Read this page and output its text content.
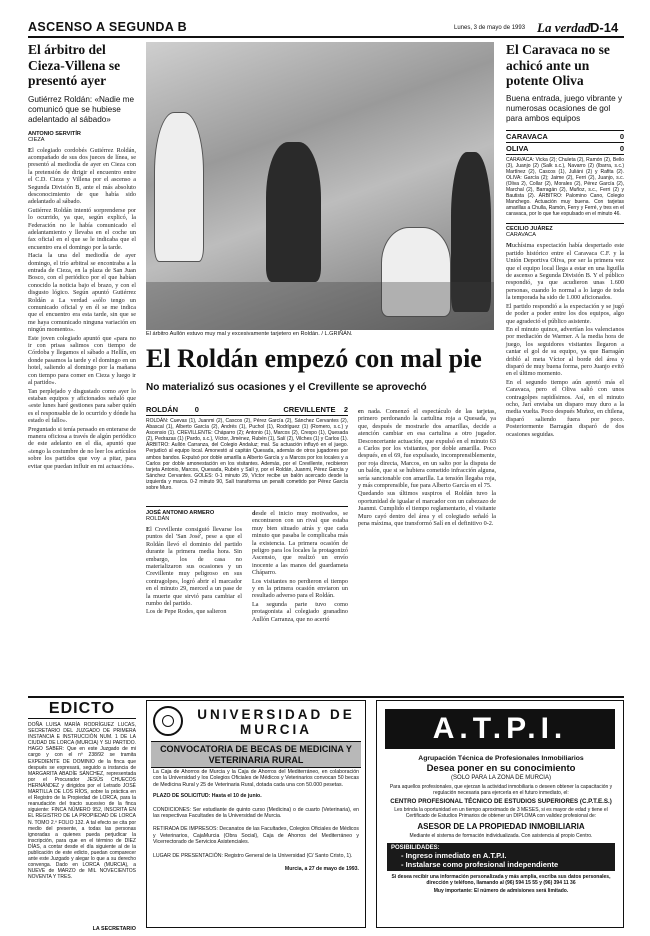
ASCENSO A SEGUNDA B	Lunes, 3 de mayo de 1993 La verdad D-14
El árbitro del Cieza-Villena se presentó ayer
Gutiérrez Roldán: «Nadie me comunicó que se hubiese adelantado al sábado»
ANTONIO SERVITÍR
CIEZA

El colegiado cordobés Gutiérrez Roldán, acompañado de sus dos jueces de línea, se presentó al mediodía de ayer en Cieza con la pretensión de dirigir el encuentro entre el C.D. Cieza y Villena por el ascenso a Segunda División B, ante el más absoluto desconocimiento de que había sido adelantado al sábado.

Gutiérrez Roldán intentó sorprenderse por lo ocurrido, ya que, según explicó, la Federación no le había comunicado el adelantamiento y llevaba en el coche un fax oficial en el que se le indicaba que el encuentro era el domingo por la tarde.

Hacia la una del mediodía de ayer domingo, el trío arbitral se encontraba a la entrada de Cieza, en la plaza de San Juan Bosco, con el periódico por el que habían conocido la noticia bajo el brazo, y con el disgusto lógico. Según apuntó Gutiérrez Roldán a La verdad «sólo tengo un comunicado oficial y en él se me indica que el encuentro era esta tarde, sin que se me haya comunicado ninguna variación en ningún momento».

Este joven colegiado apuntó que «para no ir con prisas salimos con tiempo de Córdoba y llegamos el sábado a Hellín, en donde pasamos la tarde y el domingo en un hotel, saliendo al domingo por la mañana con tiempo para comer en Cieza y luego ir al partido».

Tan perplejado y disgustado como ayer lo estaban equipos y aficionados señaló que «este lunes haré gestiones para saber quién es el responsable de lo ocurrido y dónde ha estado el fallo».

Preguntado si tenía pensado en enterarse de manera oficiosa a través de algún periódico de este adelanto en el día, apuntó que «tengo la costumbre de no leer los artículos sobre los partidos que voy a pitar, para evitar que puedan influir en mi actuación».

El árbitro Aullón estuvo muy mal y excesivamente tarjetero en Roldán. / L.GRIÑÁN.
El Roldán empezó con mal pie
No materializó sus ocasiones y el Crevillente se aprovechó
ROLDÁN 0	CREVILLENTE 2
ROLDÁN: Cuevas (1), Juanmi (2), Cascos (2), Pérez García (2), Sánchez Cervantes (2), Abascal (1), Alberto García (2), Andrés (1), Puchol (1), Rodríguez (1) (Romero, s.c.) y Ascensio (1). CREVILLENTE: Cháparro (2); Antonio (1), Marcos (2), Crespo (1), Quesada (2), Pedrazas (1) (Pardo, s.c.), Víctor, Jiménez, Rubén (1), Salí (2), Vilches (1) y Carlos (1). ÁRBITRO: Aullón Carranza, del Colegio Andaluz; mal. Su actuación influyó en el juego. Perjudicó al equipo local. Amonestó al capitán Quesada, además de otros jugadores por ambos bandos. Expulsó por doble amarilla a Alberto García y a Marcos por los locales y a Carlos por doble amonestación en los visitantes. Además, por el Crevillente, recibieron tarjeta Antonio, Marcos, Quesada, Rubén y Salí y, por el Roldán, Juanmi, Pérez García y Sánchez Cervantes. GOLES: 0-1 minuto 29, Víctor recibe un balón acercado desde la izquierda y marca. 0-2 minuto 90, Salí transforma un penalti cometido por Pérez García sobre Muro.
JOSÉ ANTONIO ARMERO
ROLDÁN

El Crevillente consiguió llevarse los puntos del 'San José', pese a que el Roldán llevó el dominio del partido durante la primera media hora. Sin embargo, los de casa no materializaron sus ocasiones y un Crevillente muy peligroso en sus contragolpes, logró abrir el marcador en el minuto 29, merced a un pase de la muerte que sirvió para cambiar el rumbo del partido.

Los de Pepe Rodes, que salieron

desde el inicio muy motivados, se encontraron con un rival que estaba muy bien situado atrás y que cada minuto que pasaba le complicaba más la existencia. La primera ocasión de peligro para los locales la protagonizó Ascensio, que realizó un envío inocente a las manos del guardameta Cháparro.

Los visitantes no perdieron el tiempo y en la primera ocasión enviaron un resultado adverso para el Roldán.

La segunda parte tuvo como protagonista al colegiado granadino Aullón Carranza, que no acertó

en nada. Comenzó el espectáculo de las tarjetas, primero perdonando la cartulina roja a Quesada, ya que, después de mostrarle dos amarillas, decide a atención cambiar en esa cartulina a otro jugador. Desconcertante actuación, que expulsó en el minuto 63 a Carlos por los visitantes, por doble amarilla. Poco después, en el 69, fue expulsado, incomprensiblemente, por roja directa, Marcos, en un salto por la disputa de un balón, que si se hubiera cometido infracción alguna, sería sancionable con amarilla. La tensión llegaba roja, y más comprensible, fue para Alberto García en el 75.

Quedando sus últimos suspiros el Roldán tuvo la oportunidad de igualar el marcador con un cabezazo de Juanmi. Cumplido el tiempo reglamentario, el visitante Muro cayó dentro del área y el colegiado señaló la pena máxima, que transformó Salí en el definitivo 0-2.

El Caravaca no se achicó ante un potente Oliva
Buena entrada, juego vibrante y numerosas ocasiones de gol para ambos equipos
CARAVACA	0
OLIVA	0
CARAVACA: Vicka (2); Chuleta (2), Ramón (2), Bello (3), Juanjo (2) (Salk s.c.), Navarro (2) (Ibarra, s.c.) Martínez (2), Cascos (1), Juliáni (2) y Rafita (2). OLIVA: García (2); Jaime (2), Ferri (2), Juanjo, s.c. (Oliva 2), Collar (2), Morales (2), Pérez García (2), Marchal (2), Barragán (2), Muñoz, s.c., Ferri (2) y Bautista (2). ÁRBITRO: Palomino Cano, Colegio Manchego. Actuación muy buena. Con tarjetas amarillas a Chulla, Ramón, Ferry y Ferré, y tres en el caravaca, por lo que fue expulsado en el minuto 46.
CECILIO JUÁREZ
CARAVACA

Muchísima expectación había despertado este partido histórico entre el Caravaca C.F. y la Unión Deportiva Oliva, por ser la primera vez que el equipo local llega a estar en una liguilla de ascenso a Segunda División B. Y el público respondió, ya que acudieron unas 1.600 personas, cuando lo normal a lo largo de toda la temporada ha sido de 1.000 aficionados.

El partido respondió a la expectación y se jugó de poder a poder entre los dos equipos, algo que agradeció el público asistente.

En el minuto quince, advertían los valencianos por mediación de Warmer. A la media hora de juego, los seguidores visitantes llegaron a cantar el gol de su equipo, ya que Barragán dribló al meta Víctor al borde del área y disparó de muy buena forma, pero Juanjo evitó en el último momento.

En el segundo tiempo aún apretó más el Caravaca, pero el Oliva salió con unos contragolpes rapidísimos. Así, en el minuto ocho, Jarí enviaba un disparo muy duro a la media vuelta. Poco después Muñoz, en chilena, disparó saliendo fuera por poco. Posteriormente Barragán disparó de dos ocasiones seguidas.

EDICTO
DOÑA LUISA MARÍA RODRÍGUEZ LUCAS, SECRETARIO DEL JUZGADO DE PRIMERA INSTANCIA E INSTRUCCIÓN NUM. 1 DE LA CIUDAD DE LORCA (MURCIA) Y SU PARTIDO. HAGO SABER: Que en este Juzgado de mi cargo y con el nº 238/92 se tramita EXPEDIENTE DE DOMINIO de la finca que después se expresará, seguido a instancia de MARGARITA ABADÍE SÁNCHEZ, representada por el Procurador JESÚS CHUECOS HERNÁNDEZ y dirigidos por el Letrado JOSÉ MARTILLA DE LOS RÍOS, sobre la práctica en el Registro de la Propiedad de LORCA, para la reanudación del tracto sucesivo de la finca siguiente: FINCA NÚMERO 952, INSCRITA EN EL REGISTRO DE LA PROPIEDAD DE LORCA N. TOMO 2.º FOLIO 132. A tal efecto se cita por medio del presente, a todas las personas ignoradas a quienes pueda perjudicar la inscripción, para que en el término de DIEZ DÍAS, a contar desde el día siguiente al de la publicación de este edicto, puedan comparecer ante este Juzgado y alegar lo que a su derecho convenga. Dado en LORCA (MURCIA), a NUEVE de MARZO de MIL NOVECIENTOS NOVENTA Y TRES.
LA SECRETARIO
UNIVERSIDAD DE MURCIA
CONVOCATORIA DE BECAS DE MEDICINA Y VETERINARIA RURAL
La Caja de Ahorros de Murcia y la Caja de Ahorros del Mediterráneo, en colaboración con la Universidad y los Colegios Oficiales de Médicos y Veterinarios convocan 50 becas de Medicina Rural y 25 de Veterinaria Rural, dotada cada una con 50.000 pesetas.
PLAZO DE SOLICITUD: Hasta el 10 de junio.
CONDICIONES: Ser estudiante de quinto curso (Medicina) o de cuarto (Veterinaria), en las respectivas Facultades de la Universidad de Murcia.
RETIRADA DE IMPRESOS: Decanatos de las Facultades, Colegios Oficiales de Médicos y Veterinarios, CajaMurcia (Obra Social), Caja de Ahorros del Mediterráneo y Vicerrectorado de Servicios Asistenciales.
LUGAR DE PRESENTACIÓN: Registro General de la Universidad (C/ Santo Cristo, 1).
Murcia, a 27 de mayo de 1993.
A.T.P.I.
Agrupación Técnica de Profesionales Inmobiliarios
Desea poner en su conocimiento
(SOLO PARA LA ZONA DE MURCIA)
Para aquellos profesionales, que ejerzan la actividad inmobiliaria o deseen obtener la capacitación y regulación necesaria para ejercerla en el futuro inmediato, el:
CENTRO PROFESIONAL TÉCNICO DE ESTUDIOS SUPERIORES (C.P.T.E.S.)
Les brinda la oportunidad en un tiempo aproximado de 3 MESES, si es mayor de edad y tiene el Certificado de Estudios Primarios de obtener un DIPLOMA con validez profesional de:
ASESOR DE LA PROPIEDAD INMOBILIARIA
Mediante el sistema de formación individualizada. Con asistencia al propio Centro.
POSIBILIDADES:
- Ingreso inmediato en A.T.P.I.
- Instalarse como profesional independiente
Si desea recibir una información personalizada y más amplia, escriba sus datos personales, dirección y teléfono, llamando al (96) 594 15 55 y (96) 394 11 36
Muy importante: El número de admisiones será limitado.
